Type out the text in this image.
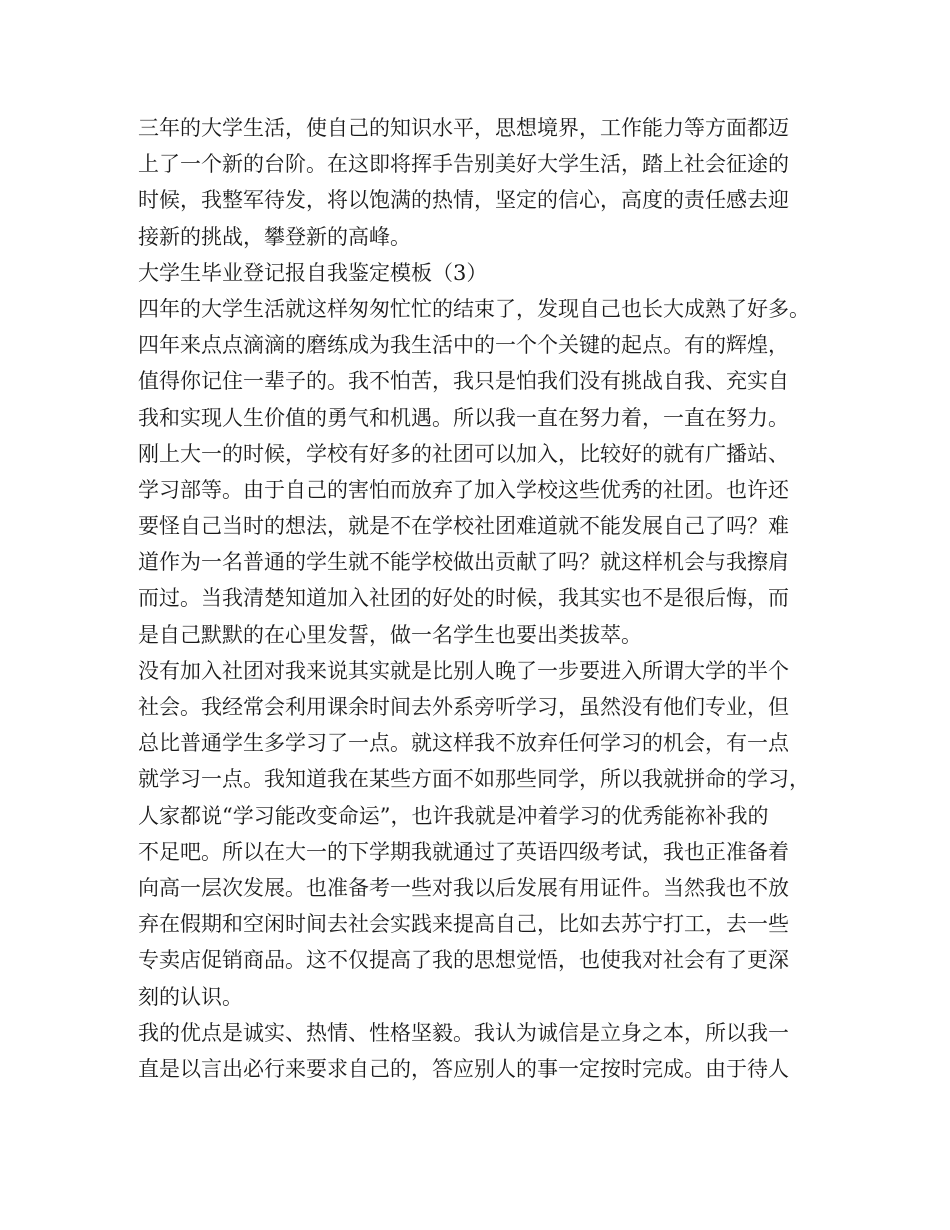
三年的大学生活，使自己的知识水平，思想境界，工作能力等方面都迈

上了一个新的台阶。在这即将挥手告别美好大学生活，踏上社会征途的

时候，我整军待发，将以饱满的热情，坚定的信心，高度的责任感去迎

接新的挑战，攀登新的高峰。

大学生毕业登记报自我鉴定模板（3）

四年的大学生活就这样匆匆忙忙的结束了，发现自己也长大成熟了好多。

四年来点点滴滴的磨练成为我生活中的一个个关键的起点。有的辉煌，

值得你记住一辈子的。我不怕苦，我只是怕我们没有挑战自我、充实自

我和实现人生价值的勇气和机遇。所以我一直在努力着，一直在努力。

刚上大一的时候，学校有好多的社团可以加入，比较好的就有广播站、

学习部等。由于自己的害怕而放弃了加入学校这些优秀的社团。也许还

要怪自己当时的想法，就是不在学校社团难道就不能发展自己了吗？难

道作为一名普通的学生就不能学校做出贡献了吗？就这样机会与我擦肩

而过。当我清楚知道加入社团的好处的时候，我其实也不是很后悔，而

是自己默默的在心里发誓，做一名学生也要出类拔萃。

没有加入社团对我来说其实就是比别人晚了一步要进入所谓大学的半个

社会。我经常会利用课余时间去外系旁听学习，虽然没有他们专业，但

总比普通学生多学习了一点。就这样我不放弃任何学习的机会，有一点

就学习一点。我知道我在某些方面不如那些同学，所以我就拼命的学习，

人家都说“学习能改变命运”，也许我就是冲着学习的优秀能祢补我的

不足吧。所以在大一的下学期我就通过了英语四级考试，我也正准备着

向高一层次发展。也准备考一些对我以后发展有用证件。当然我也不放

弃在假期和空闲时间去社会实践来提高自己，比如去苏宁打工，去一些

专卖店促销商品。这不仅提高了我的思想觉悟，也使我对社会有了更深

刻的认识。

我的优点是诚实、热情、性格坚毅。我认为诚信是立身之本，所以我一

直是以言出必行来要求自己的，答应别人的事一定按时完成。由于待人
